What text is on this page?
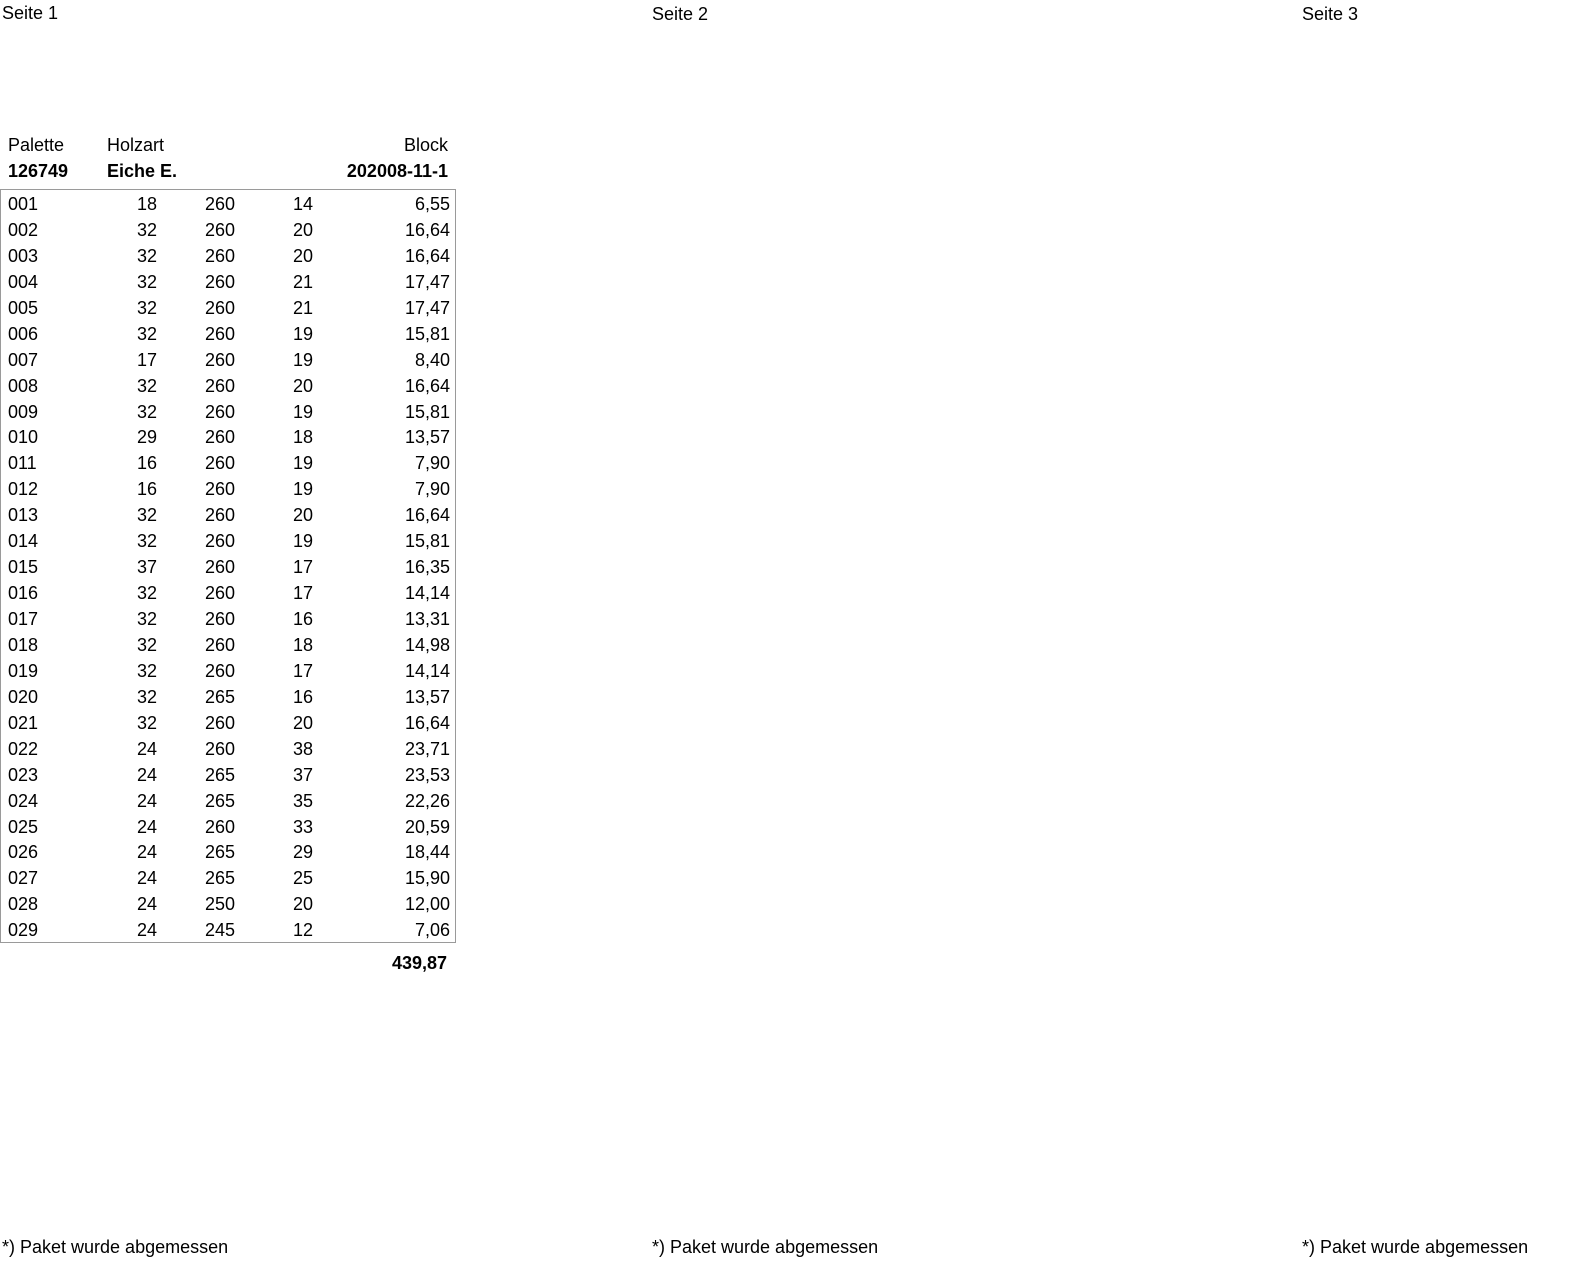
Seite 1	Seite 2	Seite 3
Palette Holzart	Block
126749 Eiche E.	202008-11-1
001	18	260	14	6,55
002	32	260	20	16,64
003	32	260	20	16,64
004	32	260	21	17,47
005	32	260	21	17,47
006	32	260	19	15,81
007	17	260	19	8,40
008	32	260	20	16,64
009	32	260	19	15,81
010	29	260	18	13,57
011	16	260	19	7,90
012	16	260	19	7,90
013	32	260	20	16,64
014	32	260	19	15,81
015	37	260	17	16,35
016	32	260	17	14,14
017	32	260	16	13,31
018	32	260	18	14,98
019	32	260	17	14,14
020	32	265	16	13,57
021	32	260	20	16,64
022	24	260	38	23,71
023	24	265	37	23,53
024	24	265	35	22,26
025	24	260	33	20,59
026	24	265	29	18,44
027	24	265	25	15,90
028	24	250	20	12,00
029	24	245	12	7,06
439,87
*) Paket wurde abgemessen	*) Paket wurde abgemessen	*) Paket wurde abgemessen
